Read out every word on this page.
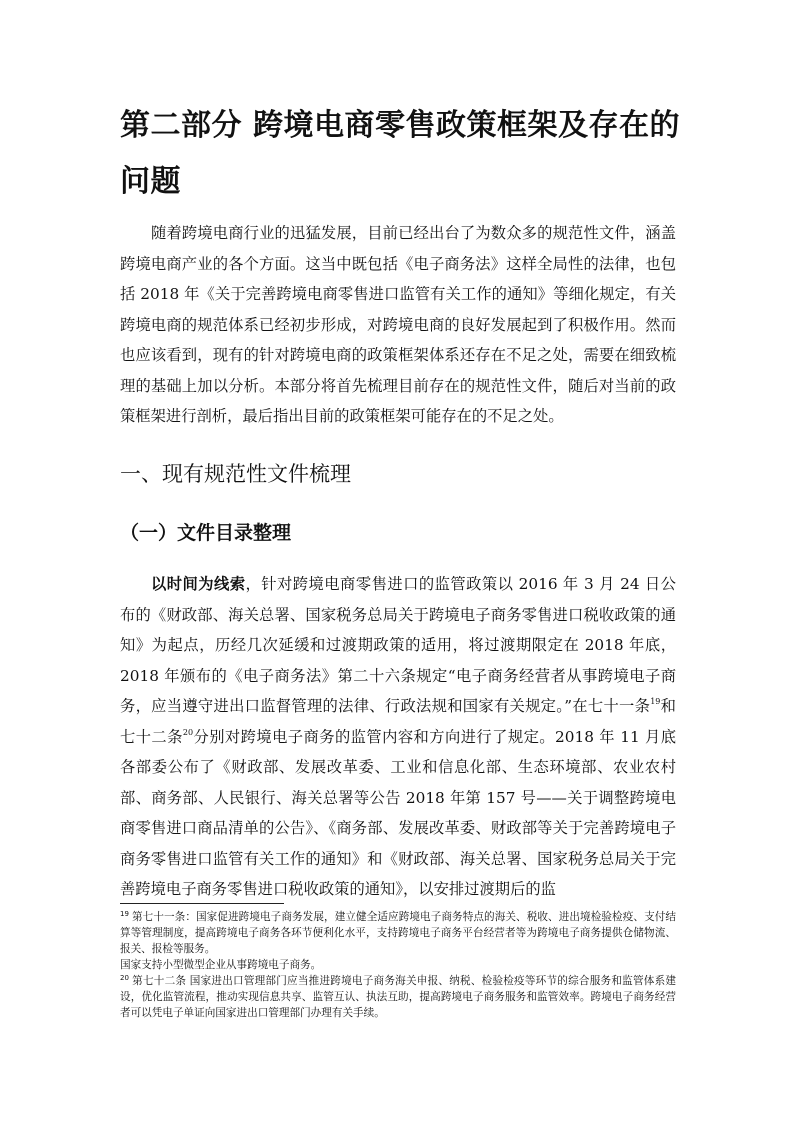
第二部分 跨境电商零售政策框架及存在的问题

随着跨境电商行业的迅猛发展，目前已经出台了为数众多的规范性文件，涵盖跨境电商产业的各个方面。这当中既包括《电子商务法》这样全局性的法律，也包括 2018 年《关于完善跨境电商零售进口监管有关工作的通知》等细化规定，有关跨境电商的规范体系已经初步形成，对跨境电商的良好发展起到了积极作用。然而也应该看到，现有的针对跨境电商的政策框架体系还存在不足之处，需要在细致梳理的基础上加以分析。本部分将首先梳理目前存在的规范性文件，随后对当前的政策框架进行剖析，最后指出目前的政策框架可能存在的不足之处。

一、现有规范性文件梳理
（一）文件目录整理

以时间为线索，针对跨境电商零售进口的监管政策以 2016 年 3 月 24 日公布的《财政部、海关总署、国家税务总局关于跨境电子商务零售进口税收政策的通知》为起点，历经几次延缓和过渡期政策的适用，将过渡期限定在 2018 年底，2018 年颁布的《电子商务法》第二十六条规定“电子商务经营者从事跨境电子商务，应当遵守进出口监督管理的法律、行政法规和国家有关规定。”在七十一条$^{19}$和七十二条$^{20}$分别对跨境电子商务的监管内容和方向进行了规定。2018 年 11 月底各部委公布了《财政部、发展改革委、工业和信息化部、生态环境部、农业农村部、商务部、人民银行、海关总署等公告 2018 年第 157 号——关于调整跨境电商零售进口商品清单的公告》、《商务部、发展改革委、财政部等关于完善跨境电子商务零售进口监管有关工作的通知》和《财政部、海关总署、国家税务总局关于完善跨境电子商务零售进口税收政策的通知》，以安排过渡期后的监

$^{19}$ 第七十一条：国家促进跨境电子商务发展，建立健全适应跨境电子商务特点的海关、税收、进出境检验检疫、支付结算等管理制度，提高跨境电子商务各环节便利化水平，支持跨境电子商务平台经营者等为跨境电子商务提供仓储物流、报关、报检等服务。

国家支持小型微型企业从事跨境电子商务。

$^{20}$ 第七十二条 国家进出口管理部门应当推进跨境电子商务海关申报、纳税、检验检疫等环节的综合服务和监管体系建设，优化监管流程，推动实现信息共享、监管互认、执法互助，提高跨境电子商务服务和监管效率。跨境电子商务经营者可以凭电子单证向国家进出口管理部门办理有关手续。
